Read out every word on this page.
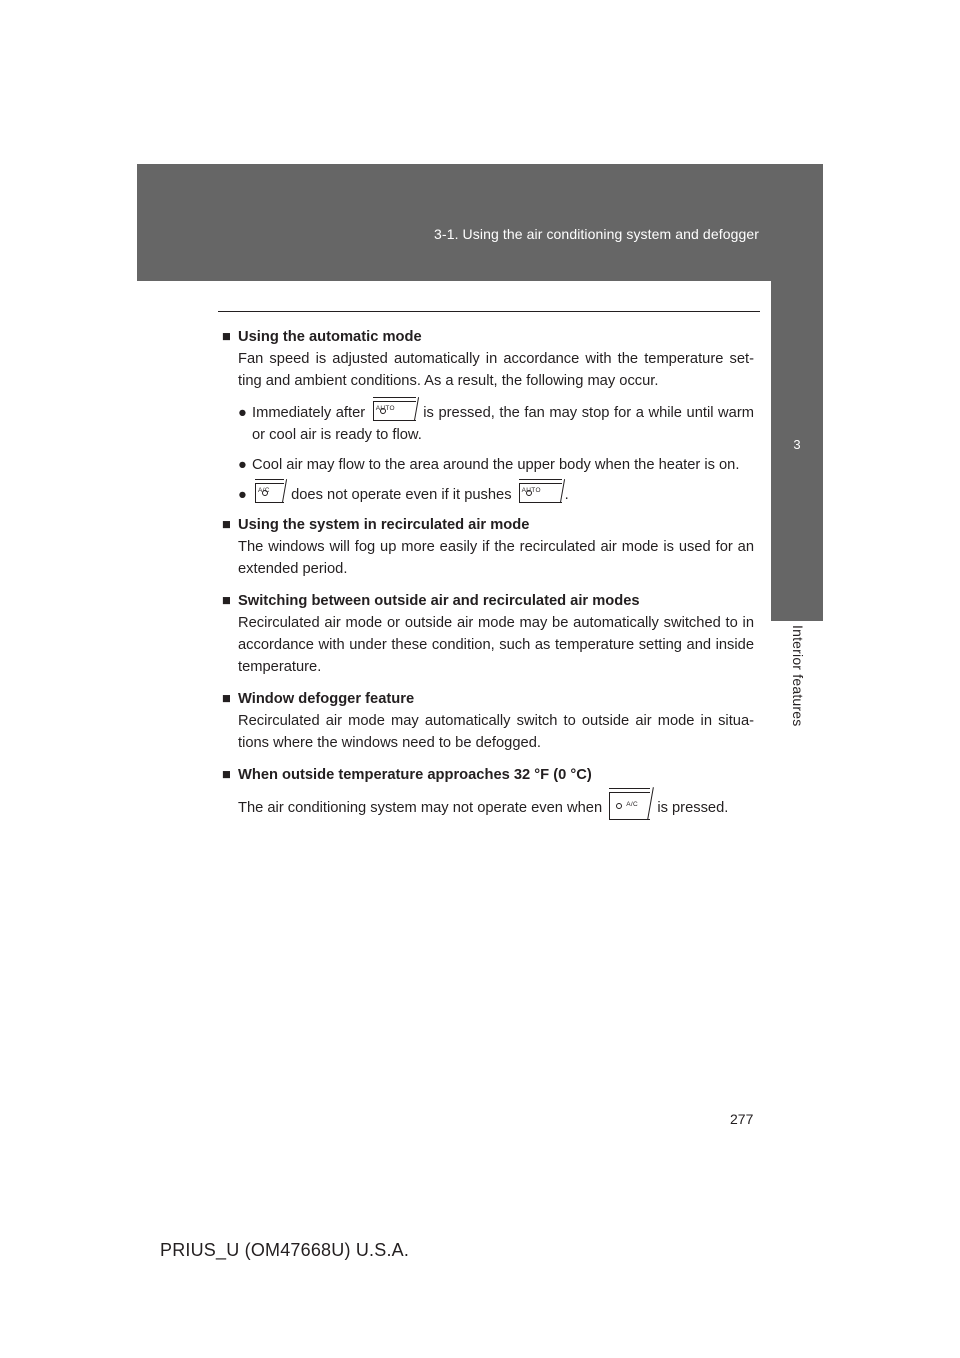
3-1. Using the air conditioning system and defogger
3
Interior features

■ Using the automatic mode

Fan speed is adjusted automatically in accordance with the temperature set-ting and ambient conditions. As a result, the following may occur.

● Immediately after AUTO is pressed, the fan may stop for a while until warm or cool air is ready to flow.

● Cool air may flow to the area around the upper body when the heater is on.

● A/C does not operate even if it pushes AUTO .

■ Using the system in recirculated air mode

The windows will fog up more easily if the recirculated air mode is used for an extended period.

■ Switching between outside air and recirculated air modes

Recirculated air mode or outside air mode may be automatically switched to in accordance with under these condition, such as temperature setting and inside temperature.

■ Window defogger feature

Recirculated air mode may automatically switch to outside air mode in situa-tions where the windows need to be defogged.

■ When outside temperature approaches 32 °F (0 °C)

The air conditioning system may not operate even when	A/C is pressed.

277
PRIUS_U (OM47668U) U.S.A.
